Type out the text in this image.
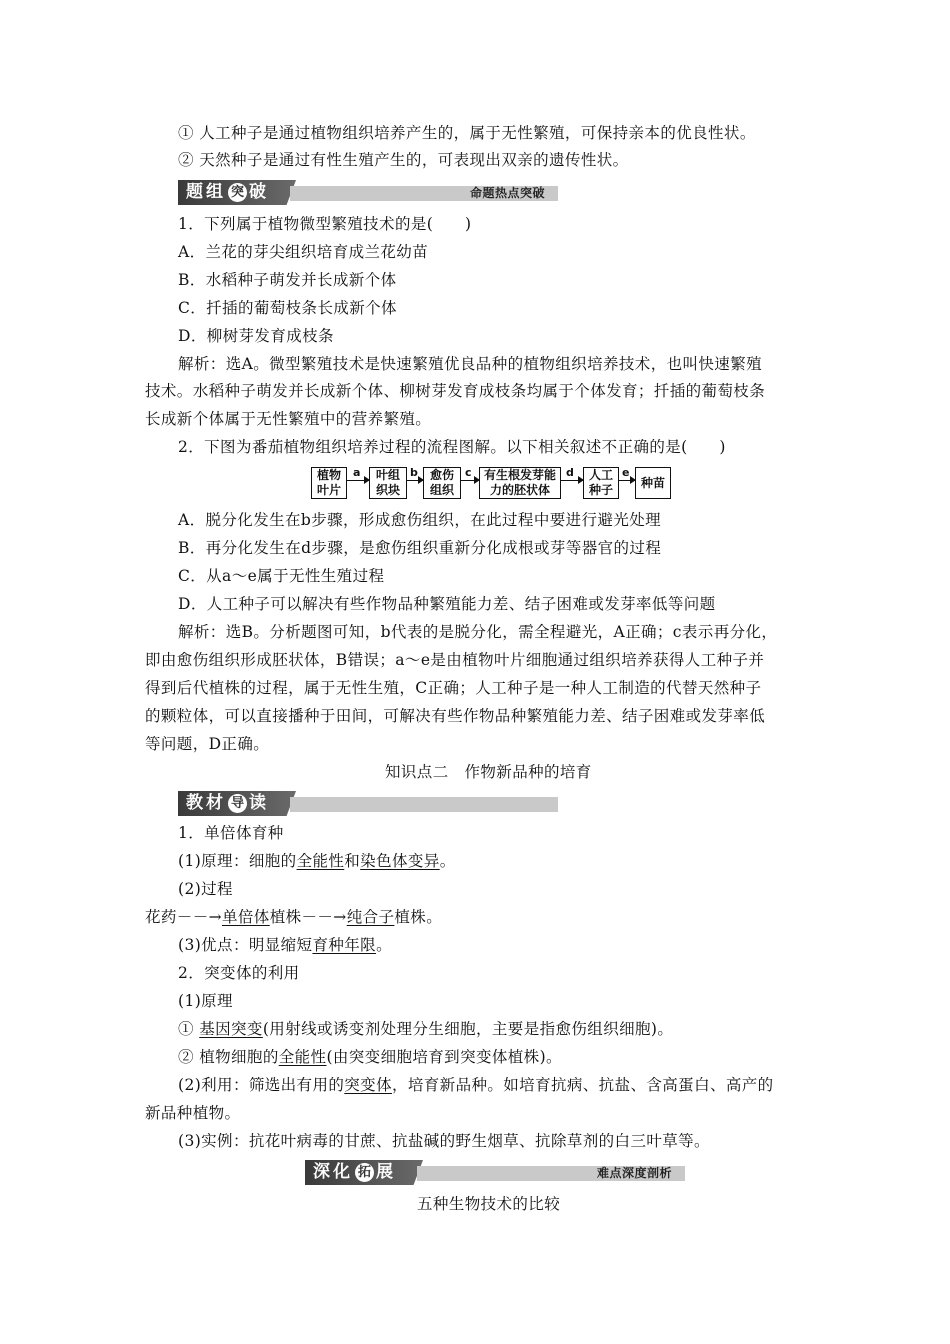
① 人工种子是通过植物组织培养产生的，属于无性繁殖，可保持亲本的优良性状。
② 天然种子是通过有性生殖产生的，可表现出双亲的遗传性状。
题组 突 破	命题热点突破
1．下列属于植物微型繁殖技术的是(　　)
A．兰花的芽尖组织培育成兰花幼苗
B．水稻种子萌发并长成新个体
C．扦插的葡萄枝条长成新个体
D．柳树芽发育成枝条
解析：选A。微型繁殖技术是快速繁殖优良品种的植物组织培养技术，也叫快速繁殖
技术。水稻种子萌发并长成新个体、柳树芽发育成枝条均属于个体发育；扦插的葡萄枝条
长成新个体属于无性繁殖中的营养繁殖。
2．下图为番茄植物组织培养过程的流程图解。以下相关叙述不正确的是(　　)
植物
叶片
a 叶组
织块
b 愈伤
组织
c 有生根发芽能
力的胚状体
d 人工
种子
e
种苗
A．脱分化发生在b步骤，形成愈伤组织，在此过程中要进行避光处理
B．再分化发生在d步骤，是愈伤组织重新分化成根或芽等器官的过程
C．从a～e属于无性生殖过程
D．人工种子可以解决有些作物品种繁殖能力差、结子困难或发芽率低等问题
解析：选B。分析题图可知，b代表的是脱分化，需全程避光，A正确；c表示再分化，
即由愈伤组织形成胚状体，B错误；a～e是由植物叶片细胞通过组织培养获得人工种子并
得到后代植株的过程，属于无性生殖，C正确；人工种子是一种人工制造的代替天然种子
的颗粒体，可以直接播种于田间，可解决有些作物品种繁殖能力差、结子困难或发芽率低
等问题，D正确。
知识点二　作物新品种的培育
教材 导 读
1．单倍体育种
(1)原理：细胞的全能性和染色体变异。
(2)过程
花药－－→单倍体植株－－→纯合子植株。
(3)优点：明显缩短育种年限。
2．突变体的利用
(1)原理
① 基因突变(用射线或诱变剂处理分生细胞，主要是指愈伤组织细胞)。
② 植物细胞的全能性(由突变细胞培育到突变体植株)。
(2)利用：筛选出有用的突变体，培育新品种。如培育抗病、抗盐、含高蛋白、高产的
新品种植物。
(3)实例：抗花叶病毒的甘蔗、抗盐碱的野生烟草、抗除草剂的白三叶草等。
深化 拓 展	难点深度剖析
五种生物技术的比较
